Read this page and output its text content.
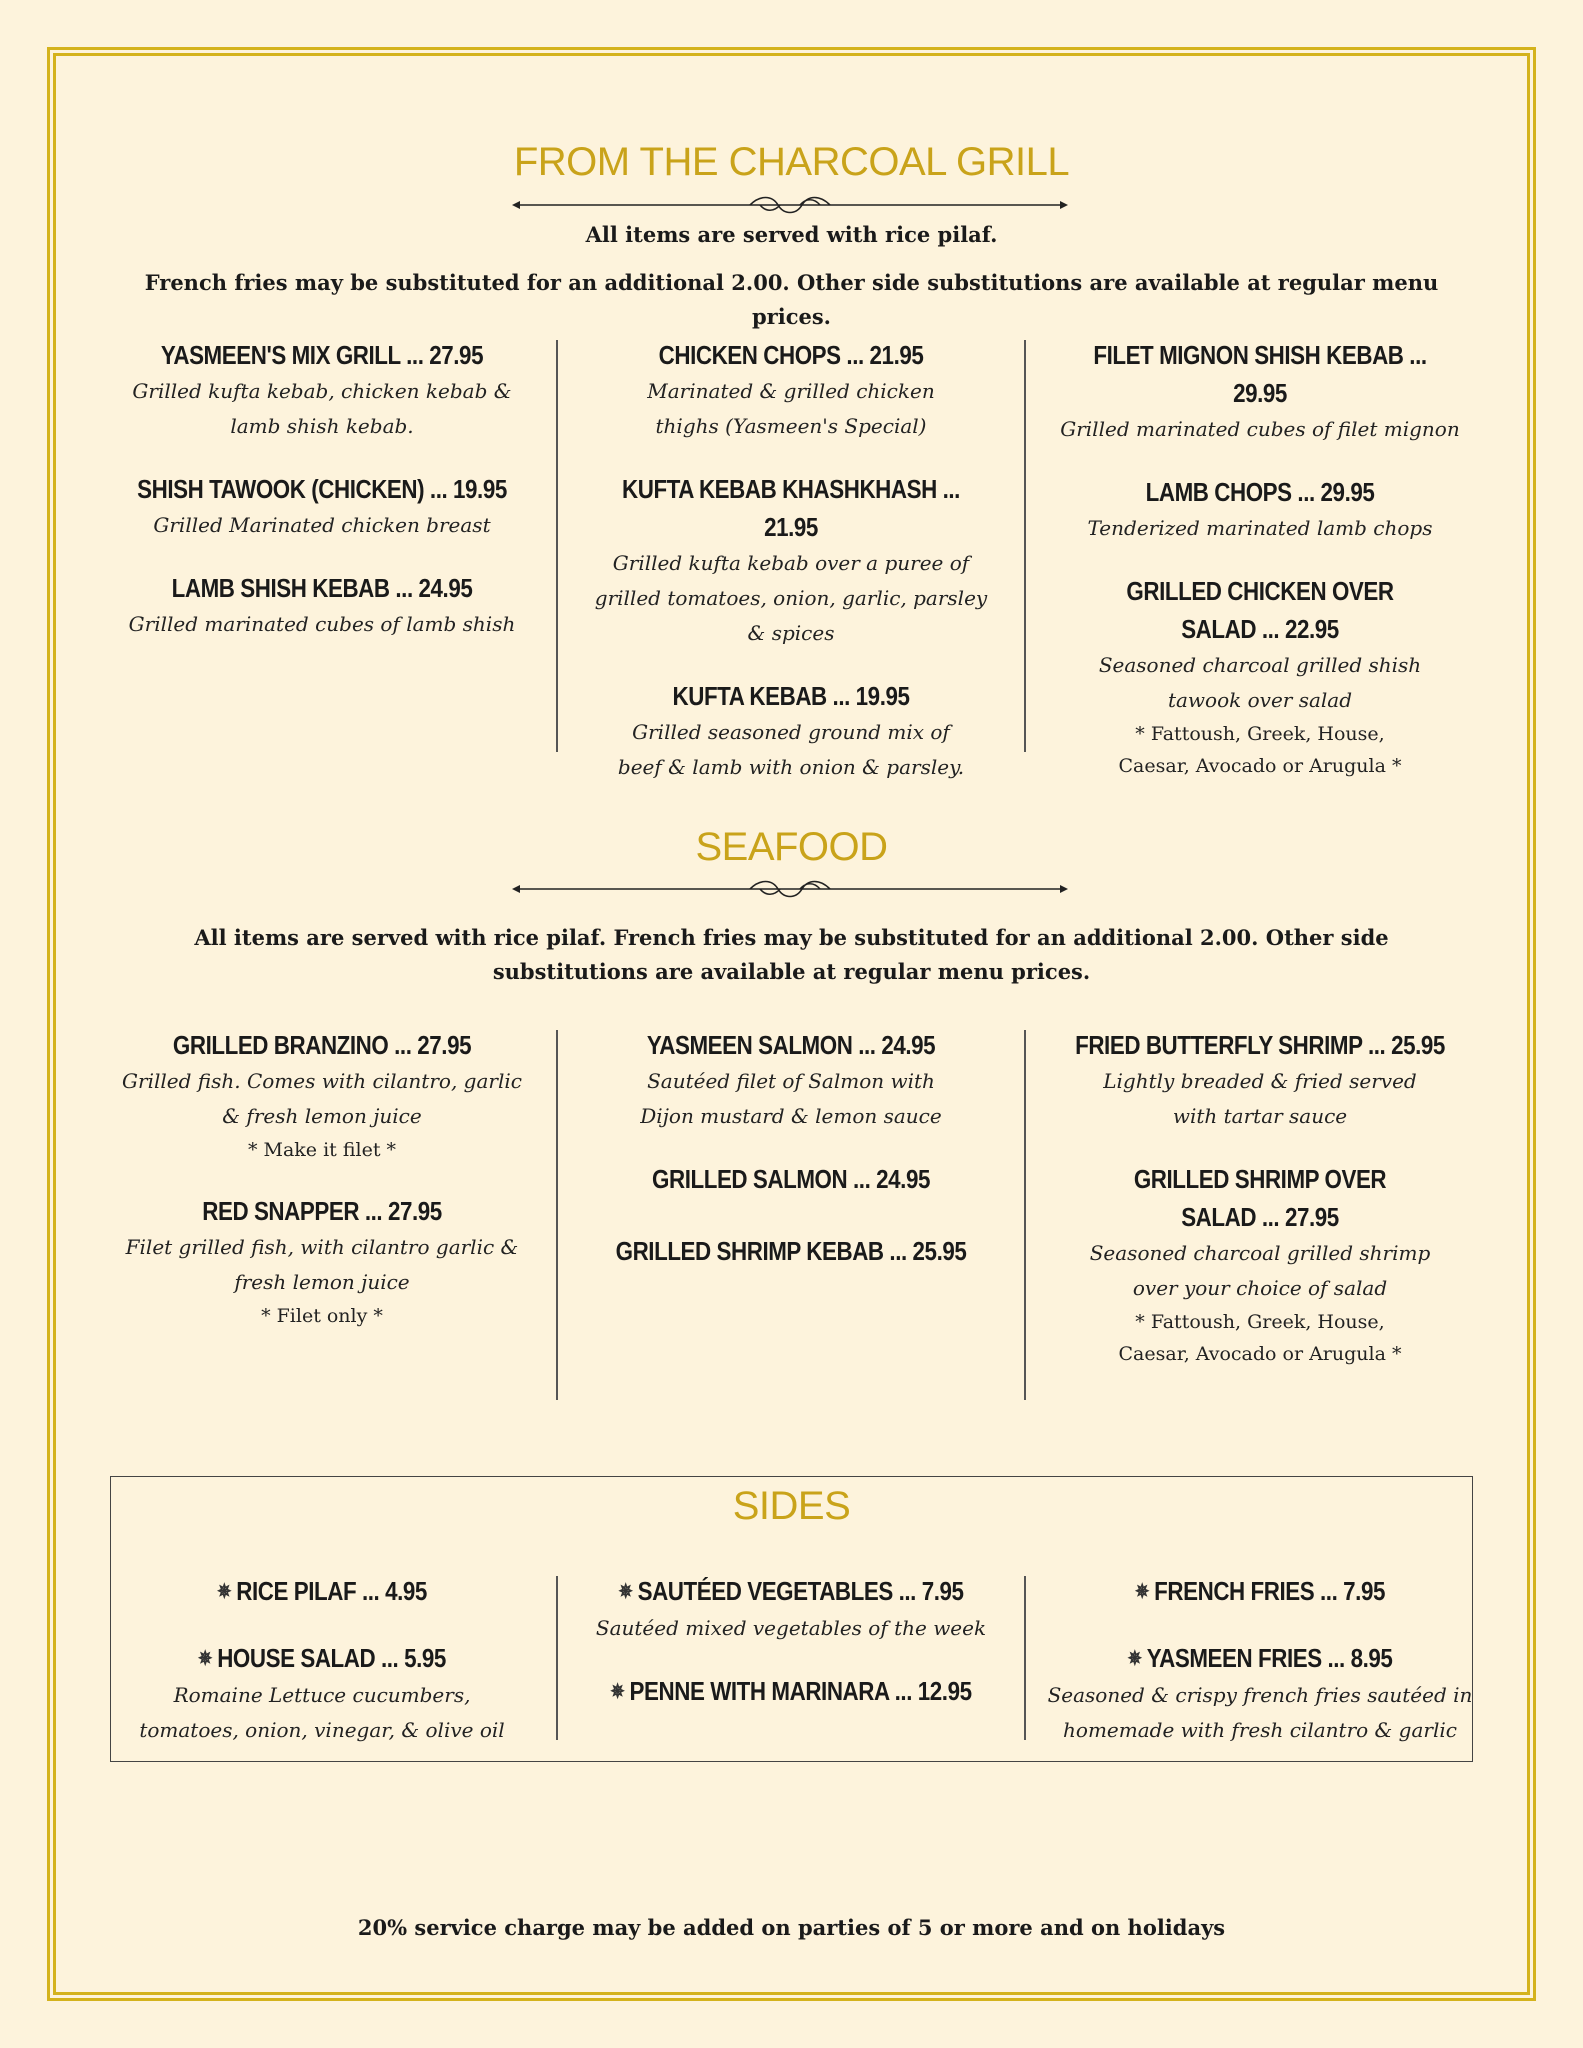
FROM THE CHARCOAL GRILL
All items are served with rice pilaf.
French fries may be substituted for an additional 2.00. Other side substitutions are available at regular menu prices.
YASMEEN'S MIX GRILL ... 27.95
Grilled kufta kebab, chicken kebab & lamb shish kebab.
SHISH TAWOOK (CHICKEN) ... 19.95
Grilled Marinated chicken breast
LAMB SHISH KEBAB ... 24.95
Grilled marinated cubes of lamb shish
CHICKEN CHOPS ... 21.95
Marinated & grilled chicken thighs (Yasmeen's Special)
KUFTA KEBAB KHASHKHASH ... 21.95
Grilled kufta kebab over a puree of grilled tomatoes, onion, garlic, parsley & spices
KUFTA KEBAB ... 19.95
Grilled seasoned ground mix of beef & lamb with onion & parsley.
FILET MIGNON SHISH KEBAB ... 29.95
Grilled marinated cubes of filet mignon
LAMB CHOPS ... 29.95
Tenderized marinated lamb chops
GRILLED CHICKEN OVER SALAD ... 22.95
Seasoned charcoal grilled shish tawook over salad
* Fattoush, Greek, House, Caesar, Avocado or Arugula *
SEAFOOD
All items are served with rice pilaf. French fries may be substituted for an additional 2.00. Other side substitutions are available at regular menu prices.
GRILLED BRANZINO ... 27.95
Grilled fish. Comes with cilantro, garlic & fresh lemon juice
* Make it filet *
RED SNAPPER ... 27.95
Filet grilled fish, with cilantro garlic & fresh lemon juice
* Filet only *
YASMEEN SALMON ... 24.95
Sautéed filet of Salmon with Dijon mustard & lemon sauce
GRILLED SALMON ... 24.95
GRILLED SHRIMP KEBAB ... 25.95
FRIED BUTTERFLY SHRIMP ... 25.95
Lightly breaded & fried served with tartar sauce
GRILLED SHRIMP OVER SALAD ... 27.95
Seasoned charcoal grilled shrimp over your choice of salad
* Fattoush, Greek, House, Caesar, Avocado or Arugula *
SIDES
✵ RICE PILAF ... 4.95
✵ HOUSE SALAD ... 5.95
Romaine Lettuce cucumbers, tomatoes, onion, vinegar, & olive oil
✵ SAUTÉED VEGETABLES ... 7.95
Sautéed mixed vegetables of the week
✵ PENNE WITH MARINARA ... 12.95
✵ FRENCH FRIES ... 7.95
✵ YASMEEN FRIES ... 8.95
Seasoned & crispy french fries sautéed in homemade with fresh cilantro & garlic
20% service charge may be added on parties of 5 or more and on holidays
